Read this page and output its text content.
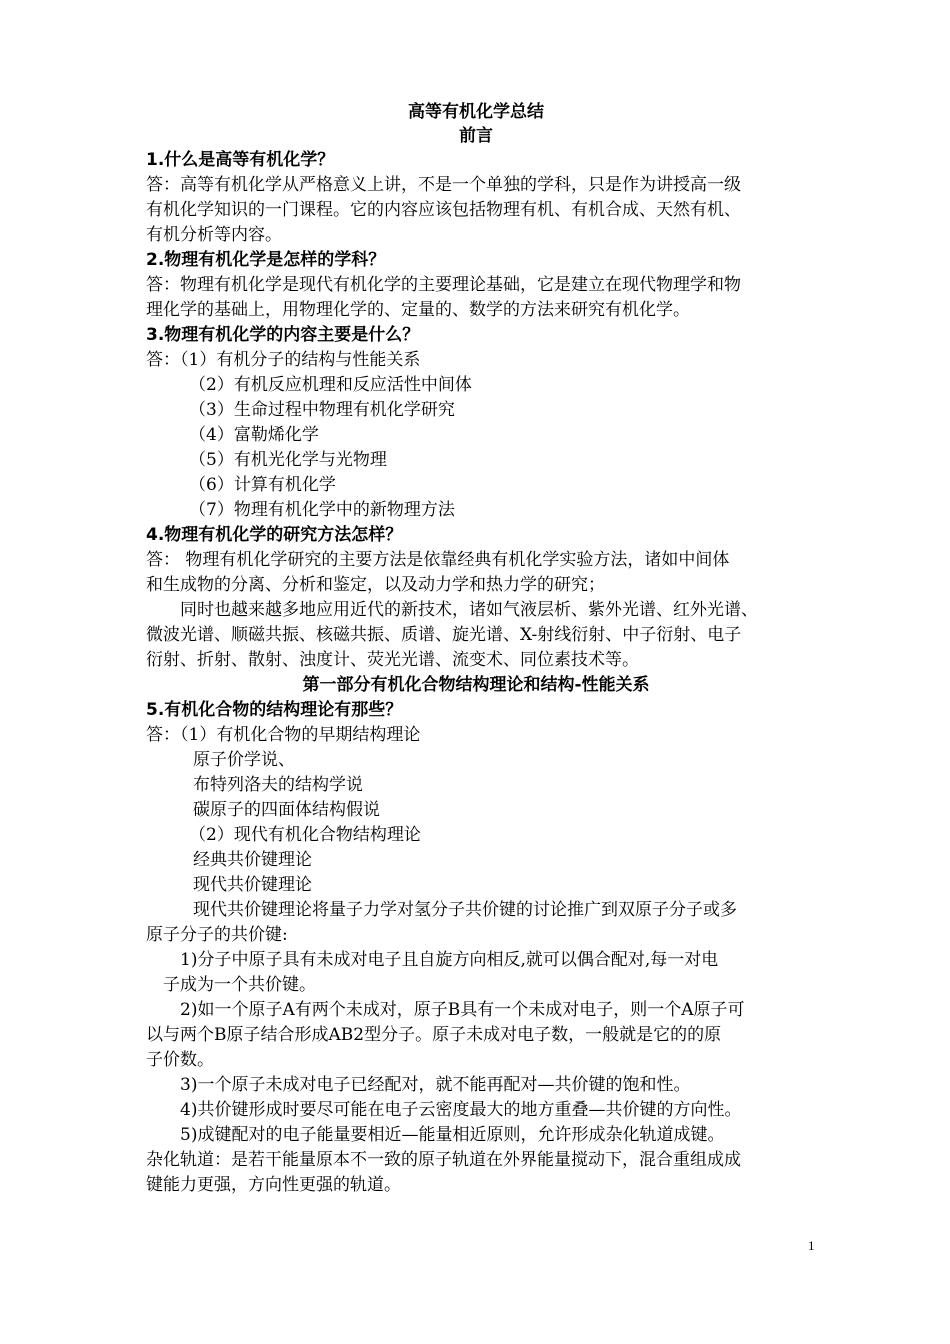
高等有机化学总结
前言
1.什么是高等有机化学？
答：高等有机化学从严格意义上讲，不是一个单独的学科，只是作为讲授高一级
有机化学知识的一门课程。它的内容应该包括物理有机、有机合成、天然有机、
有机分析等内容。
2.物理有机化学是怎样的学科？
答：物理有机化学是现代有机化学的主要理论基础，它是建立在现代物理学和物
理化学的基础上，用物理化学的、定量的、数学的方法来研究有机化学。
3.物理有机化学的内容主要是什么？
答：（1）有机分子的结构与性能关系
（2）有机反应机理和反应活性中间体
（3）生命过程中物理有机化学研究
（4）富勒烯化学
（5）有机光化学与光物理
（6）计算有机化学
（7）物理有机化学中的新物理方法
4.物理有机化学的研究方法怎样？
答： 物理有机化学研究的主要方法是依靠经典有机化学实验方法，诸如中间体
和生成物的分离、分析和鉴定，以及动力学和热力学的研究；
同时也越来越多地应用近代的新技术，诸如气液层析、紫外光谱、红外光谱、
微波光谱、顺磁共振、核磁共振、质谱、旋光谱、X-射线衍射、中子衍射、电子
衍射、折射、散射、浊度计、荧光光谱、流变术、同位素技术等。
第一部分有机化合物结构理论和结构-性能关系
5.有机化合物的结构理论有那些？
答：（1）有机化合物的早期结构理论
原子价学说、
布特列洛夫的结构学说
碳原子的四面体结构假说
（2）现代有机化合物结构理论
经典共价键理论
现代共价键理论
现代共价键理论将量子力学对氢分子共价键的讨论推广到双原子分子或多
原子分子的共价键:
1)分子中原子具有未成对电子且自旋方向相反,就可以偶合配对,每一对电
子成为一个共价键。
2)如一个原子A有两个未成对，原子B具有一个未成对电子，则一个A原子可
以与两个B原子结合形成AB2型分子。原子未成对电子数，一般就是它的的原
子价数。
3)一个原子未成对电子已经配对，就不能再配对—共价键的饱和性。
4)共价键形成时要尽可能在电子云密度最大的地方重叠—共价键的方向性。
5)成键配对的电子能量要相近—能量相近原则，允许形成杂化轨道成键。
杂化轨道：是若干能量原本不一致的原子轨道在外界能量搅动下，混合重组成成
键能力更强，方向性更强的轨道。
1
